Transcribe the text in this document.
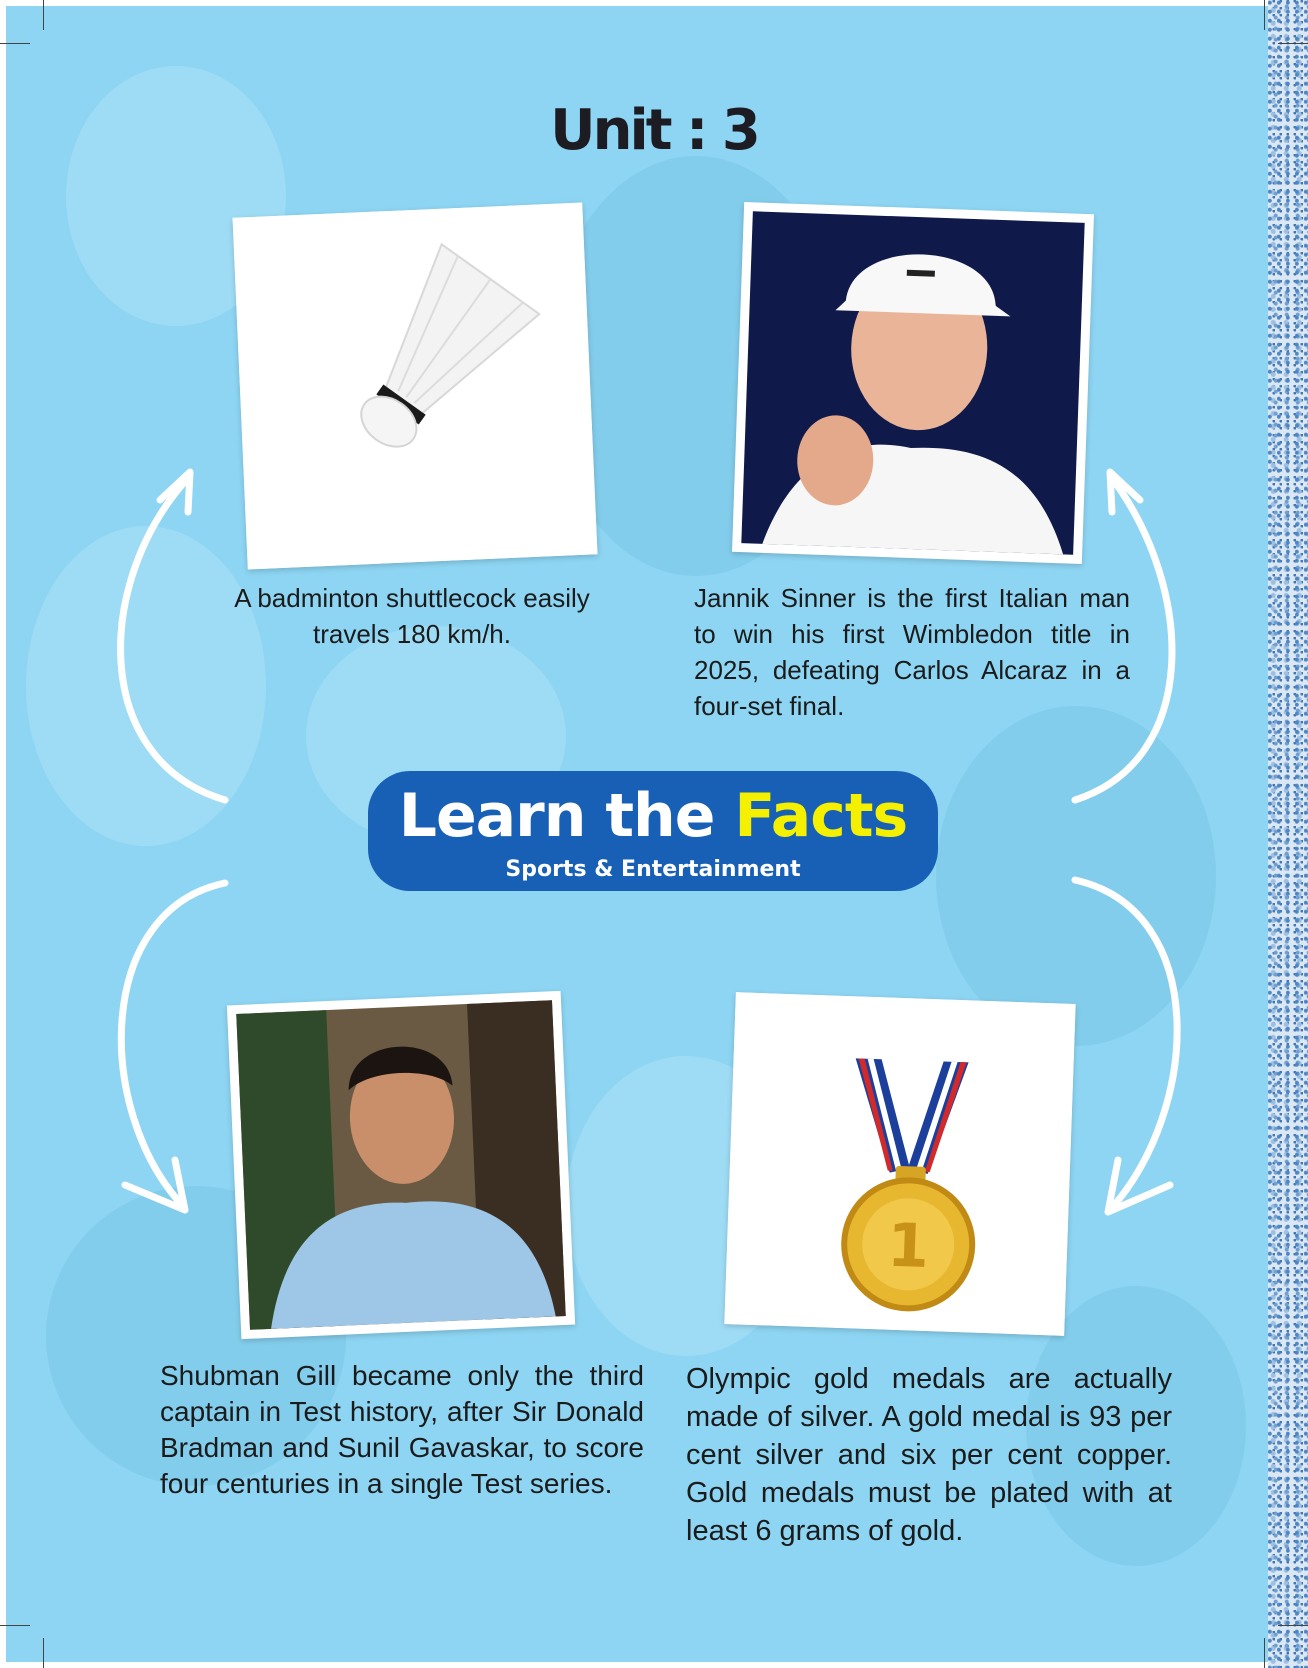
Unit : 3

A badminton shuttlecock easily travels 180 km/h.

Jannik Sinner is the first Italian man to win his first Wimbledon title in 2025, defeating Carlos Alcaraz in a four-set final.

Learn the Facts
Sports & Entertainment

Shubman Gill became only the third captain in Test history, after Sir Donald Bradman and Sunil Gavaskar, to score four centuries in a single Test series.

1

Olympic gold medals are actually made of silver. A gold medal is 93 per cent silver and six per cent copper. Gold medals must be plated with at least 6 grams of gold.
